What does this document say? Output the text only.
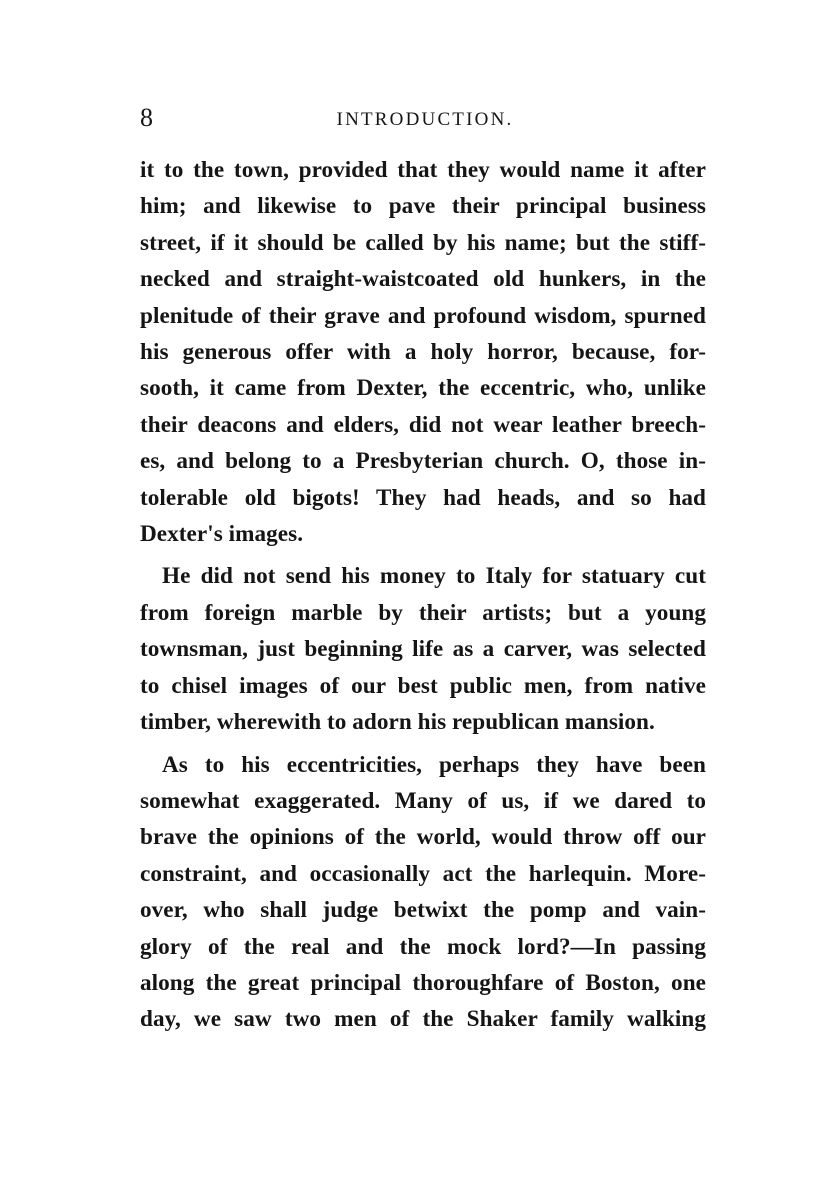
8	INTRODUCTION.

it to the town, provided that they would name it after
him; and likewise to pave their principal business
street, if it should be called by his name; but the stiff-
necked and straight-waistcoated old hunkers, in the
plenitude of their grave and profound wisdom, spurned
his generous offer with a holy horror, because, for-
sooth, it came from Dexter, the eccentric, who, unlike
their deacons and elders, did not wear leather breech-
es, and belong to a Presbyterian church. O, those in-
tolerable old bigots! They had heads, and so had
Dexter's images.

He did not send his money to Italy for statuary cut
from foreign marble by their artists; but a young
townsman, just beginning life as a carver, was selected
to chisel images of our best public men, from native
timber, wherewith to adorn his republican mansion.

As to his eccentricities, perhaps they have been
somewhat exaggerated. Many of us, if we dared to
brave the opinions of the world, would throw off our
constraint, and occasionally act the harlequin. More-
over, who shall judge betwixt the pomp and vain-
glory of the real and the mock lord?—In passing
along the great principal thoroughfare of Boston, one
day, we saw two men of the Shaker family walking
